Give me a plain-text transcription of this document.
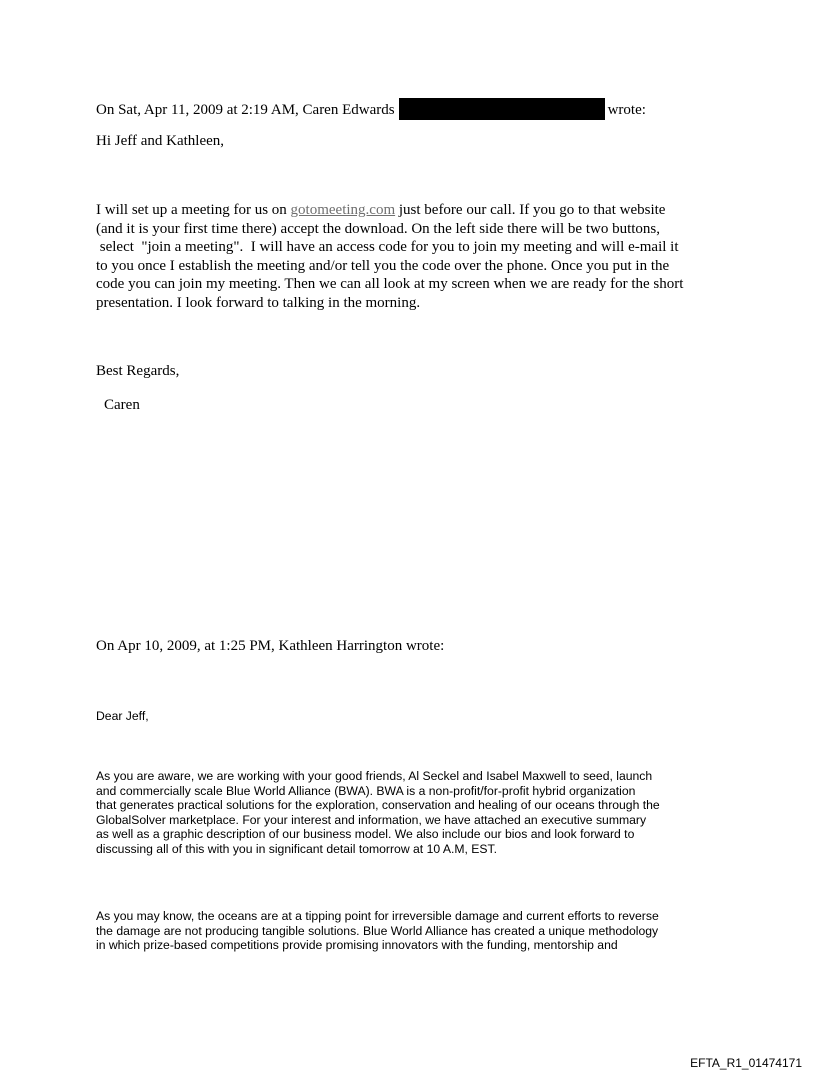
On Sat, Apr 11, 2009 at 2:19 AM, Caren Edwards	wrote:

Hi Jeff and Kathleen,

I will set up a meeting for us on gotomeeting.com just before our call. If you go to that website
(and it is your first time there) accept the download. On the left side there will be two buttons,
select  "join a meeting".  I will have an access code for you to join my meeting and will e-mail it
to you once I establish the meeting and/or tell you the code over the phone. Once you put in the
code you can join my meeting. Then we can all look at my screen when we are ready for the short
presentation. I look forward to talking in the morning.

Best Regards,

Caren

On Apr 10, 2009, at 1:25 PM, Kathleen Harrington wrote:

Dear Jeff,

As you are aware, we are working with your good friends, Al Seckel and Isabel Maxwell to seed, launch
and commercially scale Blue World Alliance (BWA). BWA is a non-profit/for-profit hybrid organization
that generates practical solutions for the exploration, conservation and healing of our oceans through the
GlobalSolver marketplace. For your interest and information, we have attached an executive summary
as well as a graphic description of our business model. We also include our bios and look forward to
discussing all of this with you in significant detail tomorrow at 10 A.M, EST.
As you may know, the oceans are at a tipping point for irreversible damage and current efforts to reverse
the damage are not producing tangible solutions. Blue World Alliance has created a unique methodology
in which prize-based competitions provide promising innovators with the funding, mentorship and

EFTA_R1_01474171
